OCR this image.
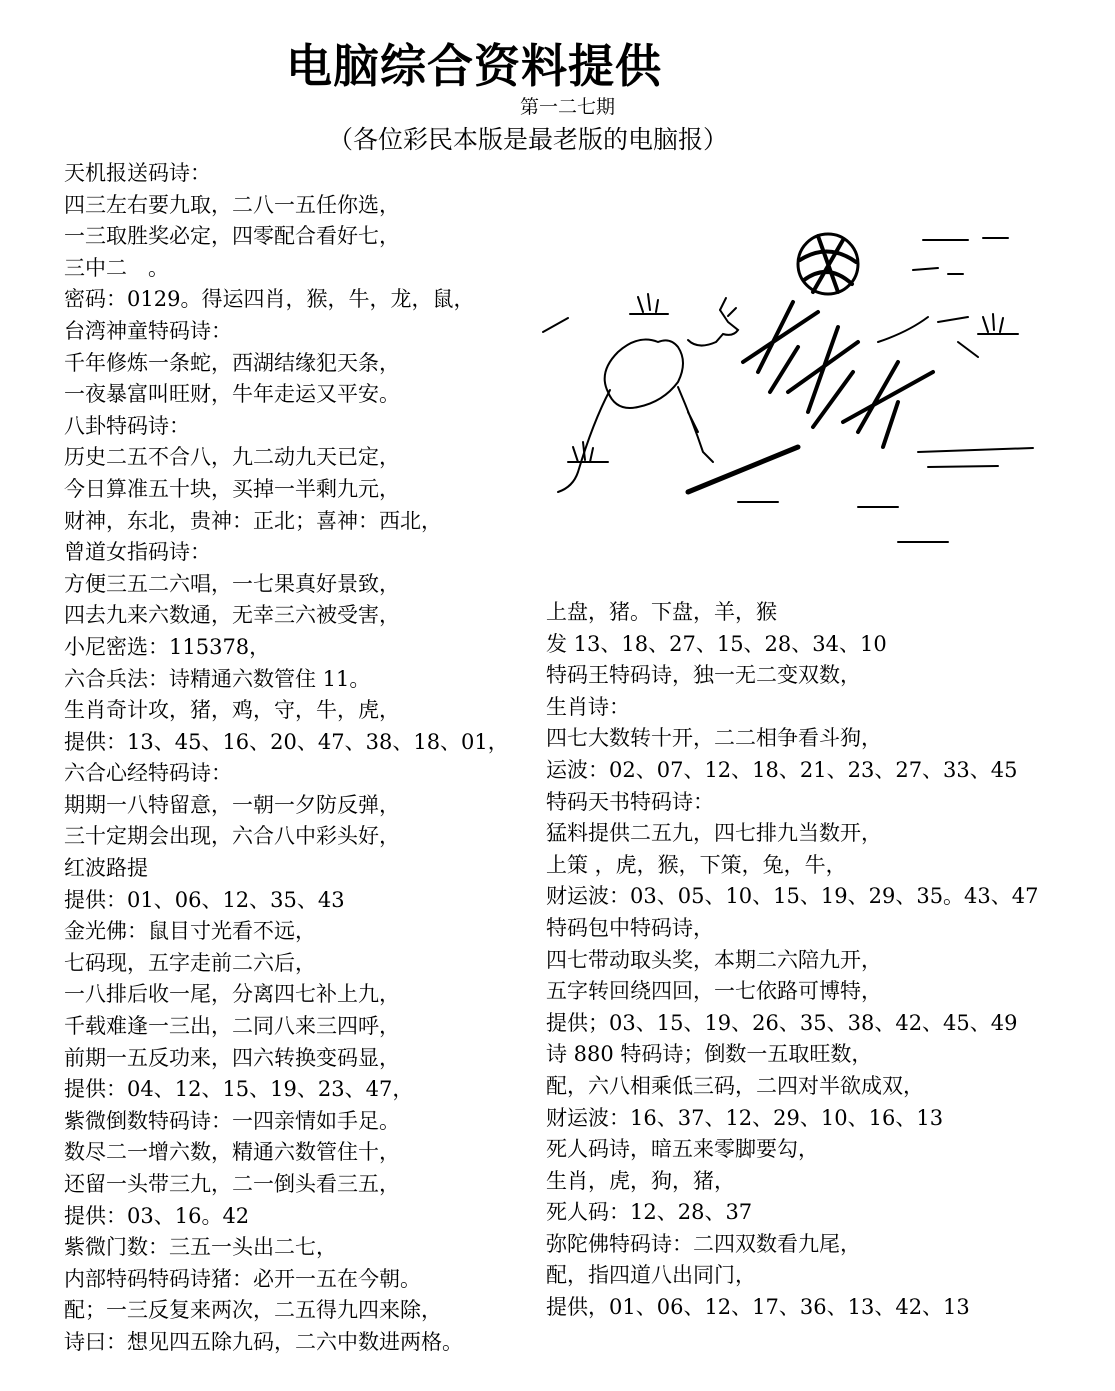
电脑综合资料提供
第一二七期
（各位彩民本版是最老版的电脑报）
天机报送码诗：
四三左右要九取，二八一五任你选，
一三取胜奖必定，四零配合看好七，
三中二　。
密码：0129。得运四肖，猴，牛，龙，鼠，
台湾神童特码诗：
千年修炼一条蛇，西湖结缘犯天条，
一夜暴富叫旺财，牛年走运又平安。
八卦特码诗：
历史二五不合八，九二动九天已定，
今日算准五十块，买掉一半剩九元，
财神，东北，贵神：正北；喜神：西北，
曾道女指码诗：
方便三五二六唱，一七果真好景致，
四去九来六数通，无幸三六被受害，
小尼密选：115378，
六合兵法：诗精通六数管住 11。
生肖奇计攻，猪，鸡，守，牛，虎，
提供：13、45、16、20、47、38、18、01，
六合心经特码诗：
期期一八特留意，一朝一夕防反弹，
三十定期会出现，六合八中彩头好，
红波路提
提供：01、06、12、35、43
金光佛：鼠目寸光看不远，
七码现，五字走前二六后，
一八排后收一尾，分离四七补上九，
千载难逢一三出，二同八来三四呼，
前期一五反功来，四六转换变码显，
提供：04、12、15、19、23、47，
紫微倒数特码诗：一四亲情如手足。
数尽二一增六数，精通六数管住十，
还留一头带三九，二一倒头看三五，
提供：03、16。42
紫微门数：三五一头出二七，
内部特码特码诗猪：必开一五在今朝。
配；一三反复来两次，二五得九四来除，
诗曰：想见四五除九码，二六中数进两格。
上盘，猪。下盘，羊，猴
发 13、18、27、15、28、34、10
特码王特码诗，独一无二变双数，
生肖诗：
四七大数转十开，二二相争看斗狗，
运波：02、07、12、18、21、23、27、33、45
特码天书特码诗：
猛料提供二五九，四七排九当数开，
上策 ，虎，猴，下策，兔，牛，
财运波：03、05、10、15、19、29、35。43、47
特码包中特码诗，
四七带动取头奖，本期二六陪九开，
五字转回绕四回，一七依路可博特，
提供；03、15、19、26、35、38、42、45、49
诗 880 特码诗；倒数一五取旺数，
配，六八相乘低三码，二四对半欲成双，
财运波：16、37、12、29、10、16、13
死人码诗，暗五来零脚要勾，
生肖，虎，狗，猪，
死人码：12、28、37
弥陀佛特码诗：二四双数看九尾，
配，指四道八出同门，
提供，01、06、12、17、36、13、42、13
